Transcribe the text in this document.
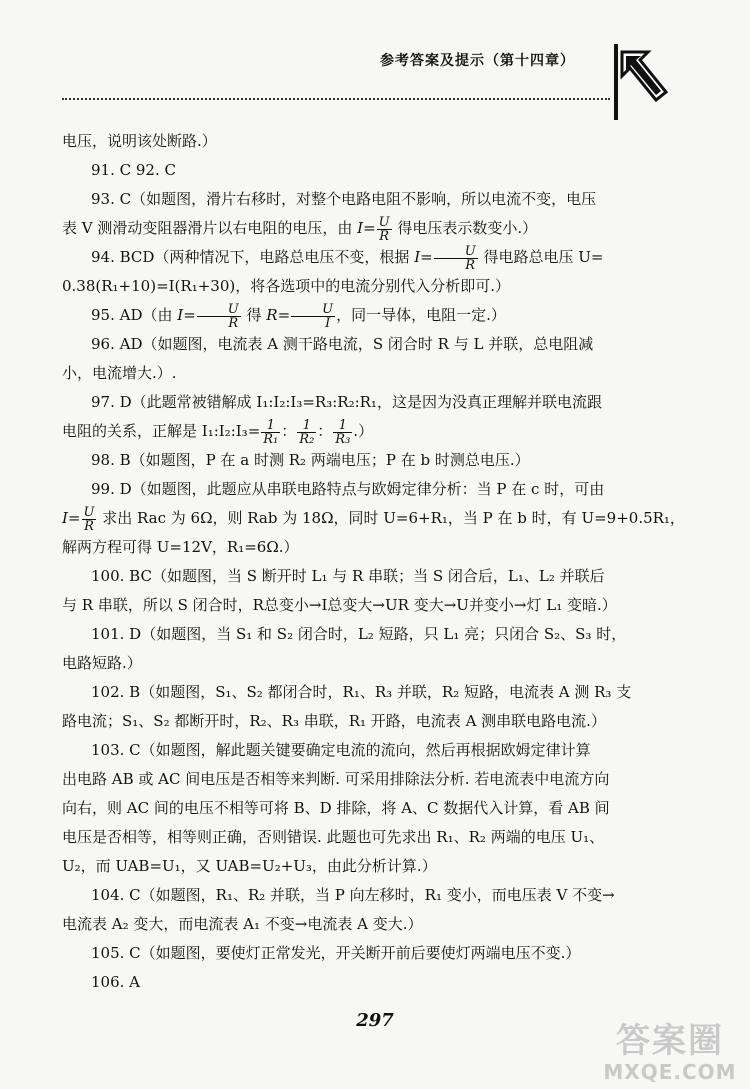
参考答案及提示（第十四章）

电压，说明该处断路.）

91. C 92. C

93. C（如题图，滑片右移时，对整个电路电阻不影响，所以电流不变，电压

表 V 测滑动变阻器滑片以右电阻的电压，由 $I= \frac{U}{R}$ 得电压表示数变小.）

94. BCD（两种情况下，电路总电压不变，根据 $I= \frac{U}{R}$ 得电路总电压 U=

0.38(R₁+10)=I(R₁+30)，将各选项中的电流分别代入分析即可.）

95. AD（由 $I= \frac{U}{R}$ 得 $R= \frac{U}{I}$ ，同一导体，电阻一定.）

96. AD（如题图，电流表 A 测干路电流，S 闭合时 R 与 L 并联，总电阻减

小，电流增大.）.

97. D（此题常被错解成 I₁:I₂:I₃=R₃:R₂:R₁，这是因为没真正理解并联电流跟

电阻的关系，正解是 I₁:I₂:I₃= $\frac{1}{\text{R₁}}$ ： $\frac{1}{\text{R₂}}$ ： $\frac{1}{\text{R₃}}$ .）

98. B（如题图，P 在 a 时测 R₂ 两端电压；P 在 b 时测总电压.）

99. D（如题图，此题应从串联电路特点与欧姆定律分析：当 P 在 c 时，可由

$I= \frac{U}{R}$ 求出 Rac 为 6Ω，则 Rab 为 18Ω，同时 U=6+R₁，当 P 在 b 时，有 U=9+0.5R₁，

解两方程可得 U=12V，R₁=6Ω.）

100. BC（如题图，当 S 断开时 L₁ 与 R 串联；当 S 闭合后，L₁、L₂ 并联后

与 R 串联，所以 S 闭合时，R总变小→I总变大→UR 变大→U并变小→灯 L₁ 变暗.）

101. D（如题图，当 S₁ 和 S₂ 闭合时，L₂ 短路，只 L₁ 亮；只闭合 S₂、S₃ 时，

电路短路.）

102. B（如题图，S₁、S₂ 都闭合时，R₁、R₃ 并联，R₂ 短路，电流表 A 测 R₃ 支

路电流；S₁、S₂ 都断开时，R₂、R₃ 串联，R₁ 开路，电流表 A 测串联电路电流.）

103. C（如题图，解此题关键要确定电流的流向，然后再根据欧姆定律计算

出电路 AB 或 AC 间电压是否相等来判断. 可采用排除法分析. 若电流表中电流方向

向右，则 AC 间的电压不相等可将 B、D 排除，将 A、C 数据代入计算，看 AB 间

电压是否相等，相等则正确，否则错误. 此题也可先求出 R₁、R₂ 两端的电压 U₁、

U₂，而 UAB=U₁，又 UAB=U₂+U₃，由此分析计算.）

104. C（如题图，R₁、R₂ 并联，当 P 向左移时，R₁ 变小，而电压表 V 不变→

电流表 A₂ 变大，而电流表 A₁ 不变→电流表 A 变大.）

105. C（如题图，要使灯正常发光，开关断开前后要使灯两端电压不变.）

106. A

297
答案圈
MXQE.COM
